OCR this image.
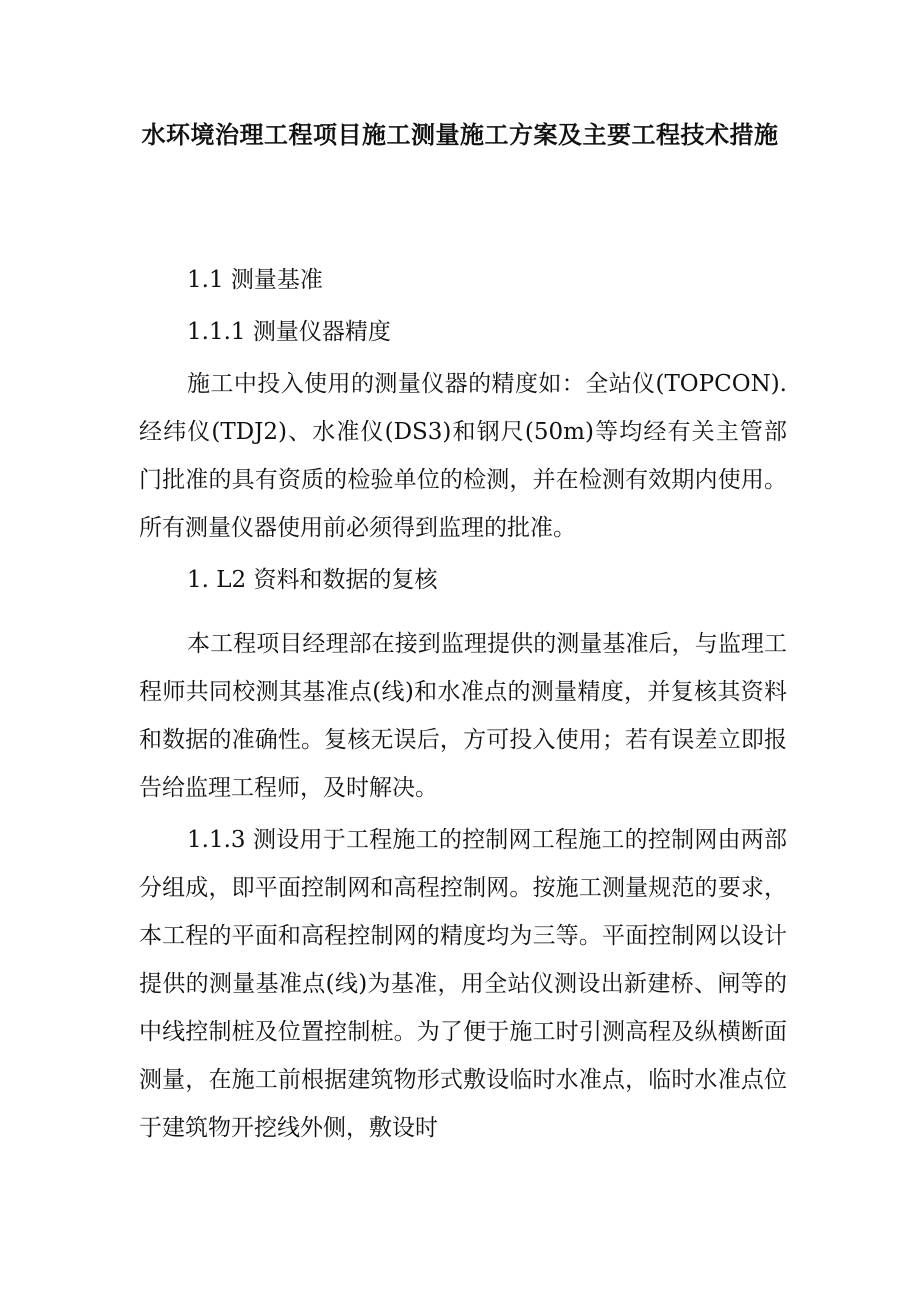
水环境治理工程项目施工测量施工方案及主要工程技术措施
1.1 测量基准
1.1.1 测量仪器精度
施工中投入使用的测量仪器的精度如：全站仪(TOPCON).经纬仪(TDJ2)、水准仪(DS3)和钢尺(50m)等均经有关主管部门批准的具有资质的检验单位的检测，并在检测有效期内使用。所有测量仪器使用前必须得到监理的批准。
1. L2 资料和数据的复核
本工程项目经理部在接到监理提供的测量基准后，与监理工程师共同校测其基准点(线)和水准点的测量精度，并复核其资料和数据的准确性。复核无误后，方可投入使用；若有误差立即报告给监理工程师，及时解决。
1.1.3 测设用于工程施工的控制网工程施工的控制网由两部分组成，即平面控制网和高程控制网。按施工测量规范的要求，本工程的平面和高程控制网的精度均为三等。平面控制网以设计提供的测量基准点(线)为基准，用全站仪测设出新建桥、闸等的中线控制桩及位置控制桩。为了便于施工时引测高程及纵横断面测量，在施工前根据建筑物形式敷设临时水准点，临时水准点位于建筑物开挖线外侧，敷设时
